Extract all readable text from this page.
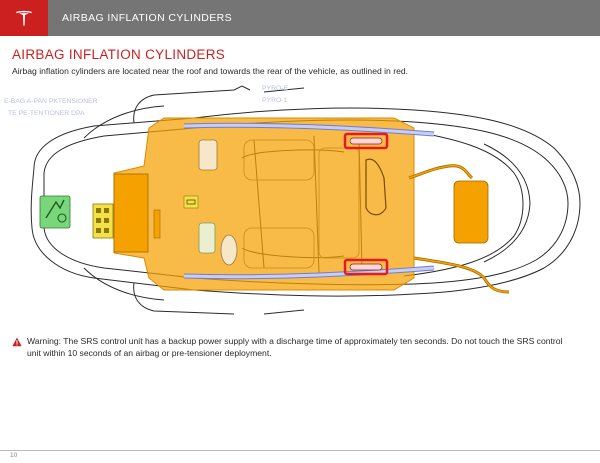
AIRBAG INFLATION CYLINDERS
AIRBAG INFLATION CYLINDERS
Airbag inflation cylinders are located near the roof and towards the rear of the vehicle, as outlined in red.
E-BAG A-PAN PKTENSIONER
TE PE-TENTIONER DPA
PYRO-E
PYRO-1
Warning: The SRS control unit has a backup power supply with a discharge time of approximately ten seconds. Do not touch the SRS control unit within 10 seconds of an airbag or pre-tensioner deployment.
10
